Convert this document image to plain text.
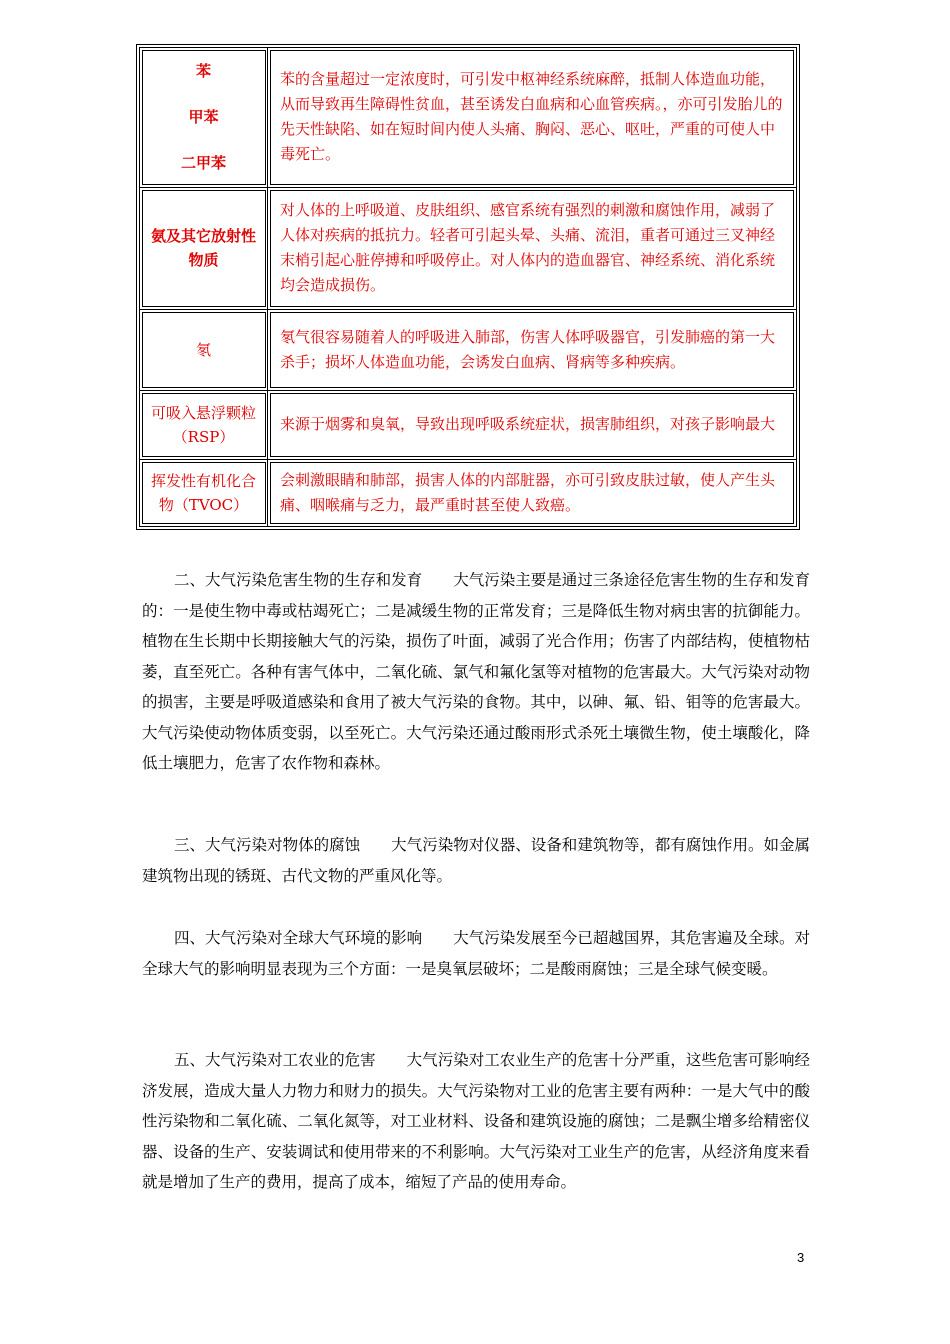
苯
甲苯
二甲苯
苯的含量超过一定浓度时，可引发中枢神经系统麻醉，抵制人体造血功能，从而导致再生障碍性贫血，甚至诱发白血病和心血管疾病。，亦可引发胎儿的先天性缺陷、如在短时间内使人头痛、胸闷、恶心、呕吐，严重的可使人中毒死亡。
氨及其它放射性物质
对人体的上呼吸道、皮肤组织、感官系统有强烈的刺激和腐蚀作用，减弱了人体对疾病的抵抗力。轻者可引起头晕、头痛、流泪，重者可通过三叉神经末梢引起心脏停搏和呼吸停止。对人体内的造血器官、神经系统、消化系统均会造成损伤。
氡
氡气很容易随着人的呼吸进入肺部，伤害人体呼吸器官，引发肺癌的第一大杀手；损坏人体造血功能，会诱发白血病、肾病等多种疾病。
可吸入悬浮颗粒（RSP）
来源于烟雾和臭氧，导致出现呼吸系统症状，损害肺组织，对孩子影响最大
挥发性有机化合物（TVOC）
会刺激眼睛和肺部，损害人体的内部脏器，亦可引致皮肤过敏，使人产生头痛、咽喉痛与乏力，最严重时甚至使人致癌。

二、大气污染危害生物的生存和发育　　大气污染主要是通过三条途径危害生物的生存和发育的：一是使生物中毒或枯竭死亡；二是减缓生物的正常发育；三是降低生物对病虫害的抗御能力。植物在生长期中长期接触大气的污染，损伤了叶面，减弱了光合作用；伤害了内部结构，使植物枯萎，直至死亡。各种有害气体中，二氧化硫、氯气和氟化氢等对植物的危害最大。大气污染对动物的损害，主要是呼吸道感染和食用了被大气污染的食物。其中，以砷、氟、铅、钼等的危害最大。大气污染使动物体质变弱，以至死亡。大气污染还通过酸雨形式杀死土壤微生物，使土壤酸化，降低土壤肥力，危害了农作物和森林。

三、大气污染对物体的腐蚀　　大气污染物对仪器、设备和建筑物等，都有腐蚀作用。如金属建筑物出现的锈斑、古代文物的严重风化等。

四、大气污染对全球大气环境的影响　　大气污染发展至今已超越国界，其危害遍及全球。对全球大气的影响明显表现为三个方面：一是臭氧层破坏；二是酸雨腐蚀；三是全球气候变暖。

五、大气污染对工农业的危害　　大气污染对工农业生产的危害十分严重，这些危害可影响经济发展，造成大量人力物力和财力的损失。大气污染物对工业的危害主要有两种：一是大气中的酸性污染物和二氧化硫、二氧化氮等，对工业材料、设备和建筑设施的腐蚀；二是飘尘增多给精密仪器、设备的生产、安装调试和使用带来的不利影响。大气污染对工业生产的危害，从经济角度来看就是增加了生产的费用，提高了成本，缩短了产品的使用寿命。

3
